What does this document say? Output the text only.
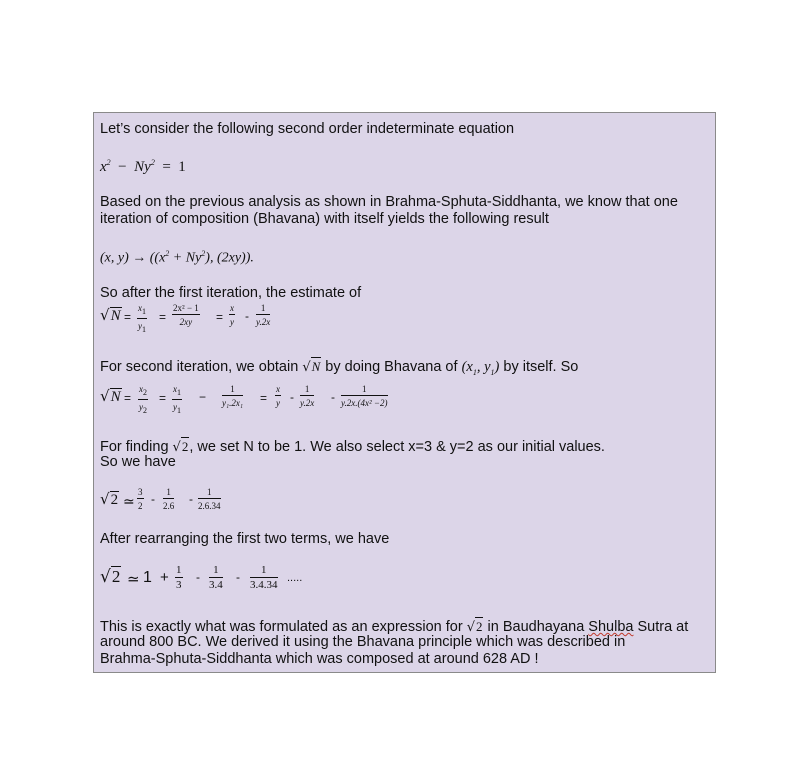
Let’s consider the following second order indeterminate equation
$x^2 - Ny^2 = 1$
Based on the previous analysis as shown in Brahma-Sphuta-Siddhanta, we know that one
iteration of composition (Bhavana) with itself yields the following result
(x, $y) \to ((x^2 + Ny^2)$, (2xy)).
So after the first iteration, the estimate of
√N =
$x_1$
$y_1$
=
2x² − 1
2xy =
x
y -
1
y.2x
For second iteration, we obtain √N by doing Bhavana of ($x_1$, $y_1$) by itself. So
√N =
$x_2$
$y_2$
=
$x_1$
$y_1$
−
1
y₁.2x₁ =
x
y -
1
y.2x -
1
y.2x.(4x² −2)
For finding √2, we set N to be 1. We also select x=3 & y=2 as our initial values.
So we have
√2 ≃
3
2 - 1
2.6 - 1
2.6.34
After rearranging the first two terms, we have
√2 ≃ 1 + 1
3
- 1
3.4
- 1
3.4.34
.....
This is exactly what was formulated as an expression for √2 in Baudhayana Shulba Sutra at
around 800 BC. We derived it using the Bhavana principle which was described in
Brahma-Sphuta-Siddhanta which was composed at around 628 AD !
